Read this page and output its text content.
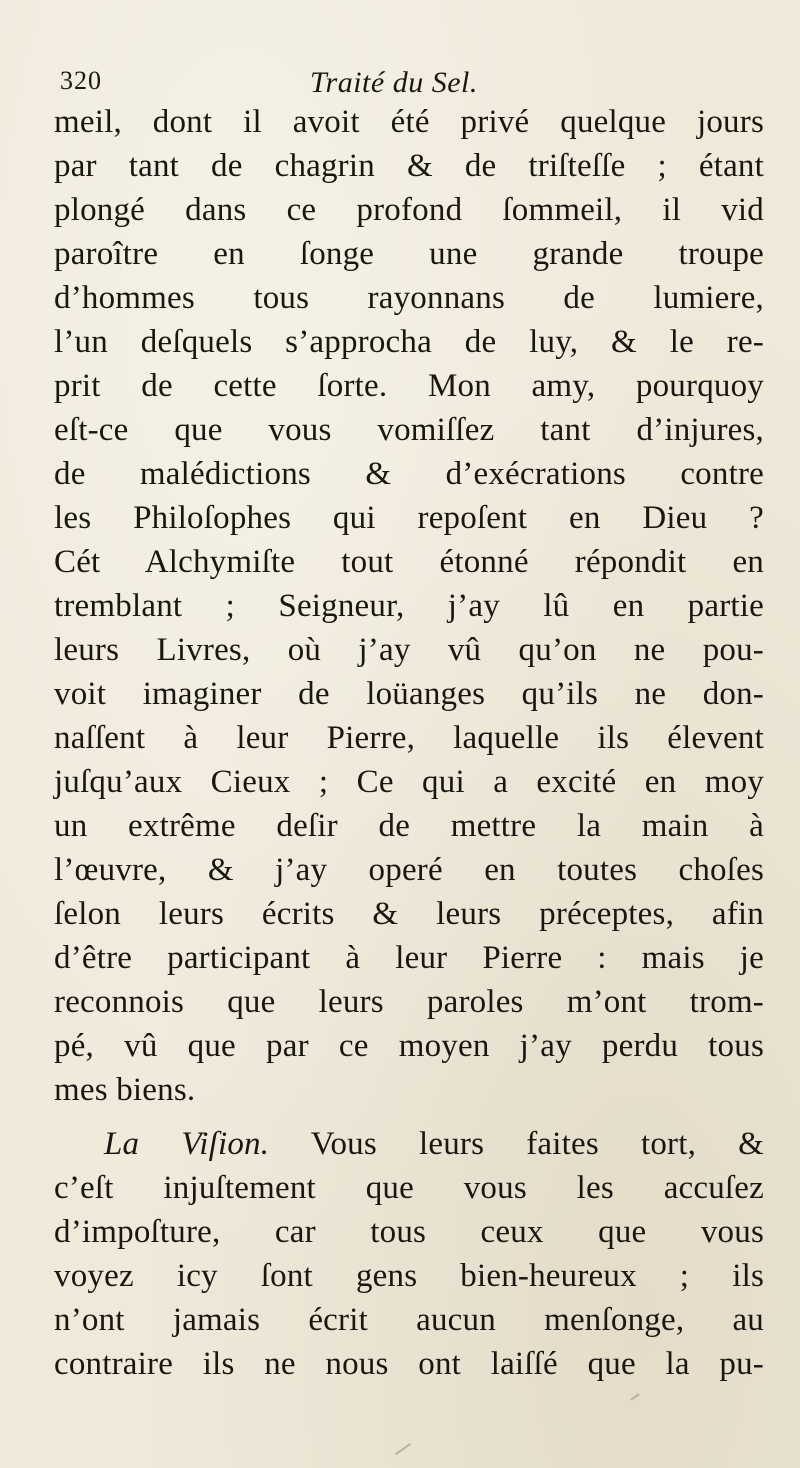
320	Traité du Sel.
meil, dont il avoit été privé quelque jours
par tant de chagrin & de triſteſſe ; étant
plongé dans ce profond ſommeil, il vid
paroître en ſonge une grande troupe
d’hommes tous rayonnans de lumiere,
l’un deſquels s’approcha de luy, & le re-
prit de cette ſorte. Mon amy, pourquoy
eſt-ce que vous vomiſſez tant d’injures,
de malédictions & d’exécrations contre
les Philoſophes qui repoſent en Dieu ?
Cét Alchymiſte tout étonné répondit en
tremblant ; Seigneur, j’ay lû en partie
leurs Livres, où j’ay vû qu’on ne pou-
voit imaginer de loüanges qu’ils ne don-
naſſent à leur Pierre, laquelle ils élevent
juſqu’aux Cieux ; Ce qui a excité en moy
un extrême deſir de mettre la main à
l’œuvre, & j’ay operé en toutes choſes
ſelon leurs écrits & leurs préceptes, afin
d’être participant à leur Pierre : mais je
reconnois que leurs paroles m’ont trom-
pé, vû que par ce moyen j’ay perdu tous
mes biens.
La Viſion. Vous leurs faites tort, &
c’eſt injuſtement que vous les accuſez
d’impoſture, car tous ceux que vous
voyez icy ſont gens bien-heureux ; ils
n’ont jamais écrit aucun menſonge, au
contraire ils ne nous ont laiſſé que la pu-
